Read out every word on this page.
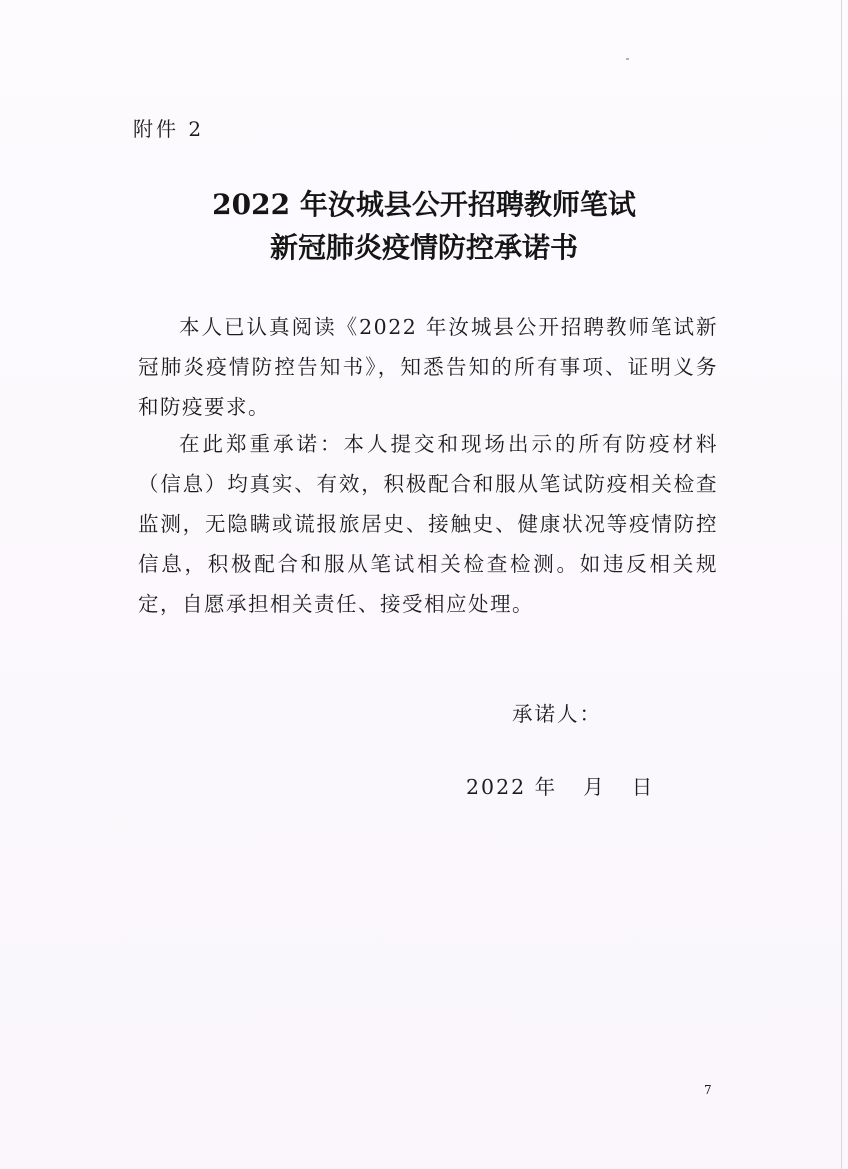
附件 2
2022 年汝城县公开招聘教师笔试
新冠肺炎疫情防控承诺书
本人已认真阅读《2022 年汝城县公开招聘教师笔试新冠肺炎疫情防控告知书》，知悉告知的所有事项、证明义务和防疫要求。
在此郑重承诺：本人提交和现场出示的所有防疫材料（信息）均真实、有效，积极配合和服从笔试防疫相关检查监测，无隐瞒或谎报旅居史、接触史、健康状况等疫情防控信息，积极配合和服从笔试相关检查检测。如违反相关规定，自愿承担相关责任、接受相应处理。
承诺人：
2022 年 月 日
7
